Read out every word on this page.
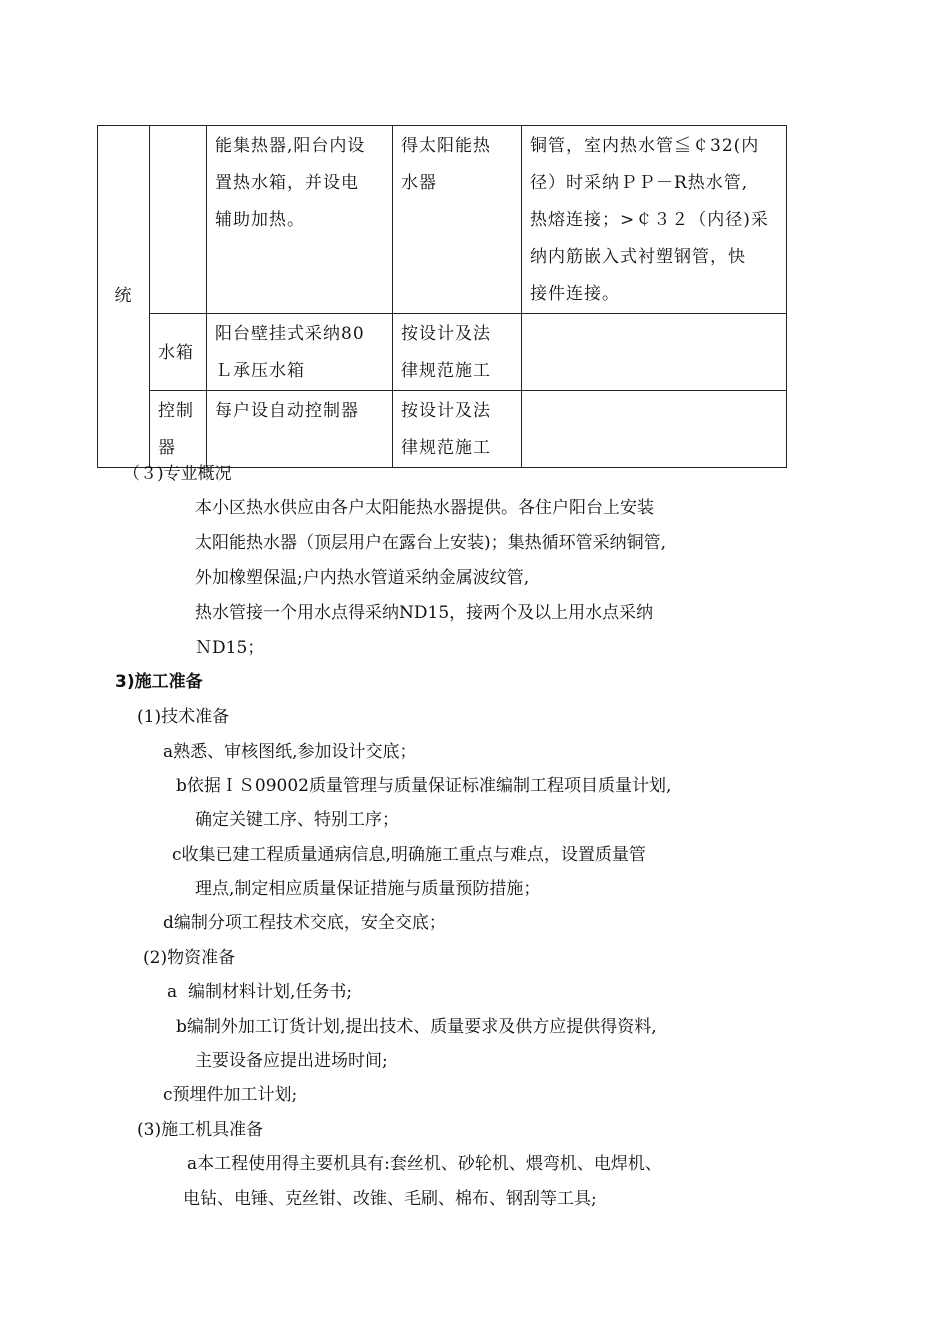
统		能集热器,阳台内设
置热水箱，并设电
辅助加热。	得太阳能热
水器	铜管，室内热水管≦￠32(内
径）时采纳ＰＰ－R热水管,
热熔连接；>￠３２（内径)采
纳内筋嵌入式衬塑钢管，快
接件连接。

	水箱	阳台壁挂式采纳80
Ｌ承压水箱	按设计及法
律规范施工	

	控制
器	每户设自动控制器	按设计及法
律规范施工	

（３)专业概况
本小区热水供应由各户太阳能热水器提供。各住户阳台上安装
太阳能热水器（顶层用户在露台上安装)；集热循环管采纳铜管,
外加橡塑保温;户内热水管道采纳金属波纹管,
热水管接一个用水点得采纳ND15，接两个及以上用水点采纳
ＮD15；
3)施工准备
(1)技术准备
a熟悉、审核图纸,参加设计交底；
b依据ＩＳ09002质量管理与质量保证标准编制工程项目质量计划,
确定关键工序、特别工序；
c收集已建工程质量通病信息,明确施工重点与难点，设置质量管
理点,制定相应质量保证措施与质量预防措施；
d编制分项工程技术交底，安全交底；
(2)物资准备
a  编制材料计划,任务书;
b编制外加工订货计划,提出技术、质量要求及供方应提供得资料,
主要设备应提出进场时间;
c预埋件加工计划;
(3)施工机具准备
a本工程使用得主要机具有:套丝机、砂轮机、煨弯机、电焊机、
电钻、电锤、克丝钳、改锥、毛刷、棉布、钢刮等工具;
